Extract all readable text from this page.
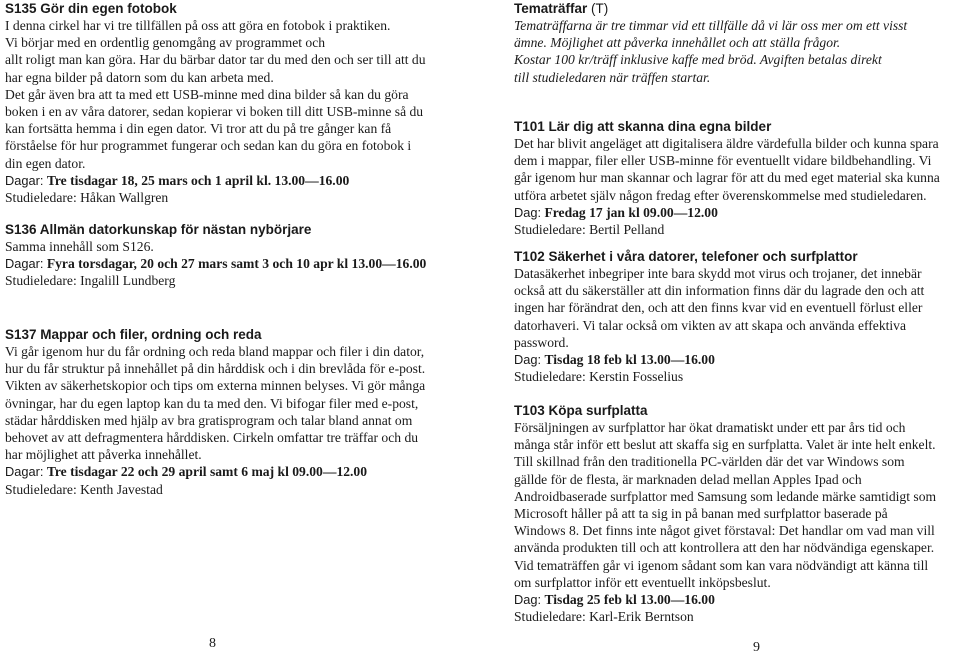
S135 Gör din egen fotobok

I denna cirkel har vi tre tillfällen på oss att göra en fotobok i praktiken.

Vi börjar med en ordentlig genomgång av programmet och

allt roligt man kan göra. Har du bärbar dator tar du med den och ser till att du

har egna bilder på datorn som du kan arbeta med.

Det går även bra att ta med ett USB-minne med dina bilder så kan du göra

boken i en av våra datorer, sedan kopierar vi boken till ditt USB-minne så du

kan fortsätta hemma i din egen dator. Vi tror att du på tre gånger kan få

förståelse för hur programmet fungerar och sedan kan du göra en fotobok i

din egen dator.

Dagar: Tre tisdagar 18, 25 mars och 1 april kl. 13.00—16.00

Studieledare: Håkan Wallgren

S136 Allmän datorkunskap för nästan nybörjare

Samma innehåll som S126.

Dagar: Fyra torsdagar, 20 och 27 mars samt 3 och 10 apr kl 13.00—16.00

Studieledare: Ingalill Lundberg

S137 Mappar och filer, ordning och reda

Vi går igenom hur du får ordning och reda bland mappar och filer i din dator,

hur du får struktur på innehållet på din hårddisk och i din brevlåda för e-post.

Vikten av säkerhetskopior och tips om externa minnen belyses. Vi gör många

övningar, har du egen laptop kan du ta med den. Vi bifogar filer med e-post,

städar hårddisken med hjälp av bra gratisprogram och talar bland annat om

behovet av att defragmentera hårddisken. Cirkeln omfattar tre träffar och du

har möjlighet att påverka innehållet.

Dagar: Tre tisdagar 22 och 29 april samt 6 maj kl 09.00—12.00

Studieledare: Kenth Javestad

8
Tematräffar (T)

Tematräffarna är tre timmar vid ett tillfälle då vi lär oss mer om ett visst

ämne. Möjlighet att påverka innehållet och att ställa frågor.

Kostar 100 kr/träff inklusive kaffe med bröd. Avgiften betalas direkt

till studieledaren när träffen startar.

T101 Lär dig att skanna dina egna bilder

Det har blivit angeläget att digitalisera äldre värdefulla bilder och kunna spara

dem i mappar, filer eller USB-minne för eventuellt vidare bildbehandling. Vi

går igenom hur man skannar och lagrar för att du med eget material ska kunna

utföra arbetet själv någon fredag efter överenskommelse med studieledaren.

Dag: Fredag 17 jan kl 09.00—12.00

Studieledare: Bertil Pelland

T102 Säkerhet i våra datorer, telefoner och surfplattor

Datasäkerhet inbegriper inte bara skydd mot virus och trojaner, det innebär

också att du säkerställer att din information finns där du lagrade den och att

ingen har förändrat den, och att den finns kvar vid en eventuell förlust eller

datorhaveri. Vi talar också om vikten av att skapa och använda effektiva

password.

Dag: Tisdag 18 feb kl 13.00—16.00

Studieledare: Kerstin Fosselius

T103 Köpa surfplatta

Försäljningen av surfplattor har ökat dramatiskt under ett par års tid och

många står inför ett beslut att skaffa sig en surfplatta. Valet är inte helt enkelt.

Till skillnad från den traditionella PC-världen där det var Windows som

gällde för de flesta, är marknaden delad mellan Apples Ipad och

Androidbaserade surfplattor med Samsung som ledande märke samtidigt som

Microsoft håller på att ta sig in på banan med surfplattor baserade på

Windows 8. Det finns inte något givet förstaval: Det handlar om vad man vill

använda produkten till och att kontrollera att den har nödvändiga egenskaper.

Vid tematräffen går vi igenom sådant som kan vara nödvändigt att känna till

om surfplattor inför ett eventuellt inköpsbeslut.

Dag: Tisdag 25 feb kl 13.00—16.00

Studieledare: Karl-Erik Berntson

9
